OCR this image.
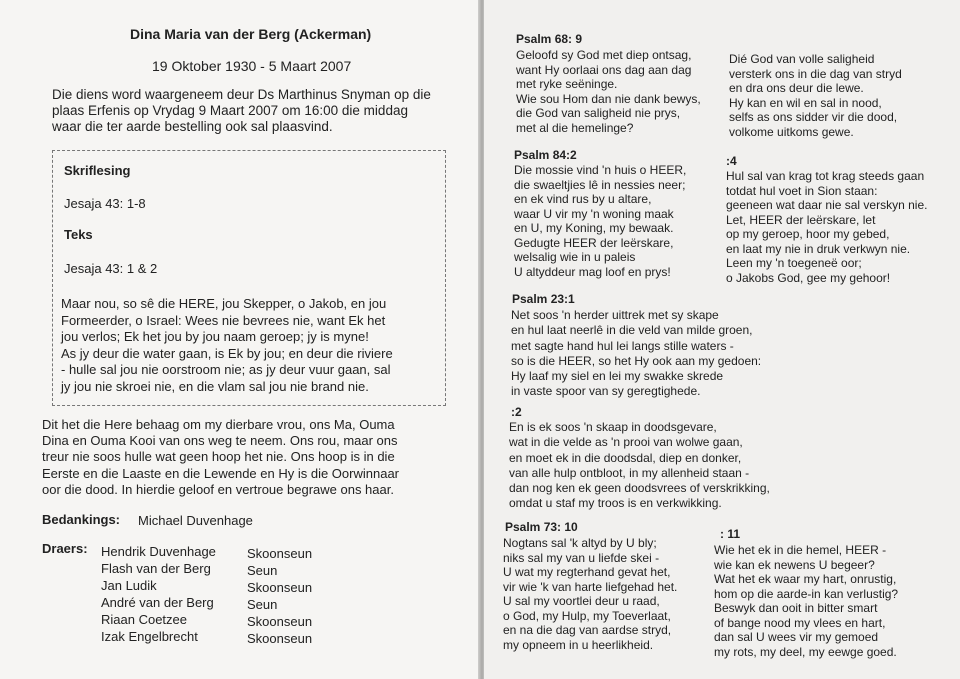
Dina Maria van der Berg (Ackerman)
19 Oktober 1930 - 5 Maart 2007
Die diens word waargeneem deur Ds Marthinus Snyman op die
plaas Erfenis op Vrydag 9 Maart 2007 om 16:00 die middag
waar die ter aarde bestelling ook sal plaasvind.
Skriflesing
Jesaja 43: 1-8
Teks
Jesaja 43: 1 & 2
Maar nou, so sê die HERE, jou Skepper, o Jakob, en jou
Formeerder, o Israel: Wees nie bevrees nie, want Ek het
jou verlos; Ek het jou by jou naam geroep; jy is myne!
As jy deur die water gaan, is Ek by jou; en deur die riviere
- hulle sal jou nie oorstroom nie; as jy deur vuur gaan, sal
jy jou nie skroei nie, en die vlam sal jou nie brand nie.
Dit het die Here behaag om my dierbare vrou, ons Ma, Ouma
Dina en Ouma Kooi van ons weg te neem. Ons rou, maar ons
treur nie soos hulle wat geen hoop het nie. Ons hoop is in die
Eerste en die Laaste en die Lewende en Hy is die Oorwinnaar
oor die dood. In hierdie geloof en vertroue begrawe ons haar.
Bedankings: Michael Duvenhage
Draers: Hendrik Duvenhage
Flash van der Berg
Jan Ludik
André van der Berg
Riaan Coetzee
Izak Engelbrecht
Skoonseun
Seun
Skoonseun
Seun
Skoonseun
Skoonseun
Psalm 68: 9
Geloofd sy God met diep ontsag,
want Hy oorlaai ons dag aan dag
met ryke seëninge.
Wie sou Hom dan nie dank bewys,
die God van saligheid nie prys,
met al die hemelinge?
Dié God van volle saligheid
versterk ons in die dag van stryd
en dra ons deur die lewe.
Hy kan en wil en sal in nood,
selfs as ons sidder vir die dood,
volkome uitkoms gewe.
Psalm 84:2
Die mossie vind 'n huis o HEER,
die swaeltjies lê in nessies neer;
en ek vind rus by u altare,
waar U vir my 'n woning maak
en U, my Koning, my bewaak.
Gedugte HEER der leërskare,
welsalig wie in u paleis
U altyddeur mag loof en prys!
:4
Hul sal van krag tot krag steeds gaan
totdat hul voet in Sion staan:
geeneen wat daar nie sal verskyn nie.
Let, HEER der leërskare, let
op my geroep, hoor my gebed,
en laat my nie in druk verkwyn nie.
Leen my 'n toegeneë oor;
o Jakobs God, gee my gehoor!
Psalm 23:1
Net soos 'n herder uittrek met sy skape
en hul laat neerlê in die veld van milde groen,
met sagte hand hul lei langs stille waters -
so is die HEER, so het Hy ook aan my gedoen:
Hy laaf my siel en lei my swakke skrede
in vaste spoor van sy geregtighede.
:2
En is ek soos 'n skaap in doodsgevare,
wat in die velde as 'n prooi van wolwe gaan,
en moet ek in die doodsdal, diep en donker,
van alle hulp ontbloot, in my allenheid staan -
dan nog ken ek geen doodsvrees of verskrikking,
omdat u staf my troos is en verkwikking.
Psalm 73: 10
Nogtans sal 'k altyd by U bly;
niks sal my van u liefde skei -
U wat my regterhand gevat het,
vir wie 'k van harte liefgehad het.
U sal my voortlei deur u raad,
o God, my Hulp, my Toeverlaat,
en na die dag van aardse stryd,
my opneem in u heerlikheid.
: 11
Wie het ek in die hemel, HEER -
wie kan ek newens U begeer?
Wat het ek waar my hart, onrustig,
hom op die aarde-in kan verlustig?
Beswyk dan ooit in bitter smart
of bange nood my vlees en hart,
dan sal U wees vir my gemoed
my rots, my deel, my eewge goed.
